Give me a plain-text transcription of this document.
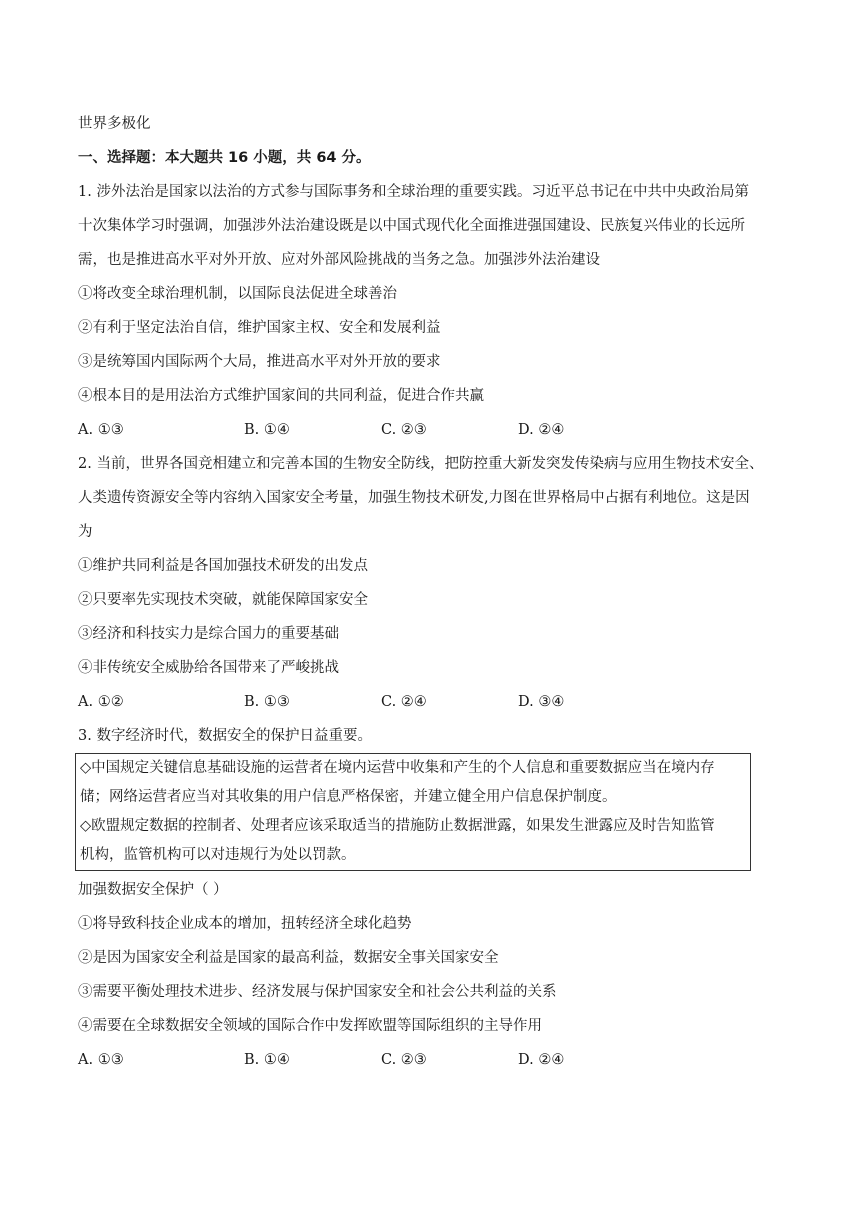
世界多极化
一、选择题：本大题共 16 小题，共 64 分。
1. 涉外法治是国家以法治的方式参与国际事务和全球治理的重要实践。习近平总书记在中共中央政治局第
十次集体学习时强调，加强涉外法治建设既是以中国式现代化全面推进强国建设、民族复兴伟业的长远所
需，也是推进高水平对外开放、应对外部风险挑战的当务之急。加强涉外法治建设
①将改变全球治理机制，以国际良法促进全球善治
②有利于坚定法治自信，维护国家主权、安全和发展利益
③是统筹国内国际两个大局，推进高水平对外开放的要求
④根本目的是用法治方式维护国家间的共同利益，促进合作共赢
A. ①③	B. ①④	C. ②③	D. ②④
2. 当前，世界各国竞相建立和完善本国的生物安全防线，把防控重大新发突发传染病与应用生物技术安全、
人类遗传资源安全等内容纳入国家安全考量，加强生物技术研发,力图在世界格局中占据有利地位。这是因
为
①维护共同利益是各国加强技术研发的出发点
②只要率先实现技术突破，就能保障国家安全
③经济和科技实力是综合国力的重要基础
④非传统安全威胁给各国带来了严峻挑战
A. ①②	B. ①③	C. ②④	D. ③④
3. 数字经济时代，数据安全的保护日益重要。
◇中国规定关键信息基础设施的运营者在境内运营中收集和产生的个人信息和重要数据应当在境内存
储；网络运营者应当对其收集的用户信息严格保密，并建立健全用户信息保护制度。
◇欧盟规定数据的控制者、处理者应该采取适当的措施防止数据泄露，如果发生泄露应及时告知监管
机构，监管机构可以对违规行为处以罚款。
加强数据安全保护（ ）
①将导致科技企业成本的增加，扭转经济全球化趋势
②是因为国家安全利益是国家的最高利益，数据安全事关国家安全
③需要平衡处理技术进步、经济发展与保护国家安全和社会公共利益的关系
④需要在全球数据安全领域的国际合作中发挥欧盟等国际组织的主导作用
A. ①③	B. ①④	C. ②③	D. ②④
